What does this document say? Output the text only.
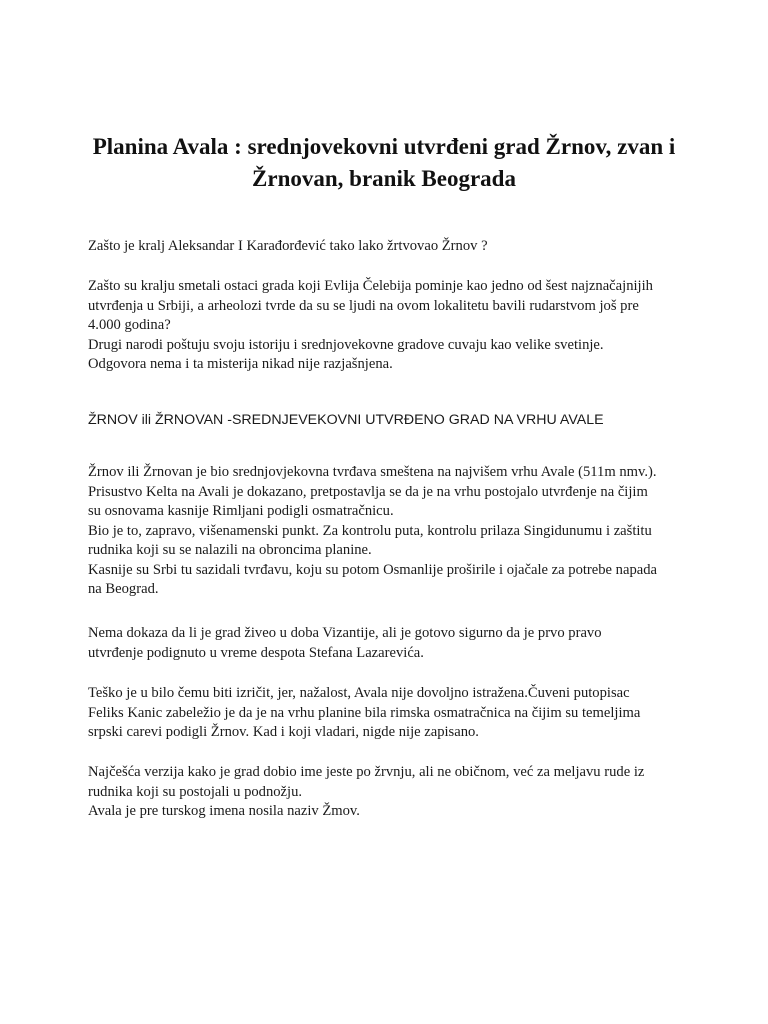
Planina Avala : srednjovekovni utvrđeni grad Žrnov, zvan i
Žrnovan, branik Beograda

Zašto je kralj Aleksandar I Karađorđević tako lako žrtvovao Žrnov ?

Zašto su kralju smetali ostaci grada koji Evlija Čelebija pominje kao jedno od šest najznačajnijih
utvrđenja u Srbiji, a arheolozi tvrde da su se ljudi na ovom lokalitetu bavili rudarstvom još pre
4.000 godina?
Drugi narodi poštuju svoju istoriju i srednjovekovne gradove cuvaju kao velike svetinje.
Odgovora nema i ta misterija nikad nije razjašnjena.

ŽRNOV ili ŽRNOVAN -SREDNJEVEKOVNI UTVRĐENO GRAD NA VRHU AVALE

Žrnov ili Žrnovan je bio srednjovjekovna tvrđava smeštena na najvišem vrhu Avale (511m nmv.).
Prisustvo Kelta na Avali je dokazano, pretpostavlja se da je na vrhu postojalo utvrđenje na čijim
su osnovama kasnije Rimljani podigli osmatračnicu.
Bio je to, zapravo, višenamenski punkt. Za kontrolu puta, kontrolu prilaza Singidunumu i zaštitu
rudnika koji su se nalazili na obroncima planine.
Kasnije su Srbi tu sazidali tvrđavu, koju su potom Osmanlije proširile i ojačale za potrebe napada
na Beograd.

Nema dokaza da li je grad živeo u doba Vizantije, ali je gotovo sigurno da je prvo pravo
utvrđenje podignuto u vreme despota Stefana Lazarevića.

Teško je u bilo čemu biti izričit, jer, nažalost, Avala nije dovoljno istražena.Čuveni putopisac
Feliks Kanic zabeležio je da je na vrhu planine bila rimska osmatračnica na čijim su temeljima
srpski carevi podigli Žrnov. Kad i koji vladari, nigde nije zapisano.

Najčešća verzija kako je grad dobio ime jeste po žrvnju, ali ne običnom, već za meljavu rude iz
rudnika koji su postojali u podnožju.
Avala je pre turskog imena nosila naziv Žmov.
